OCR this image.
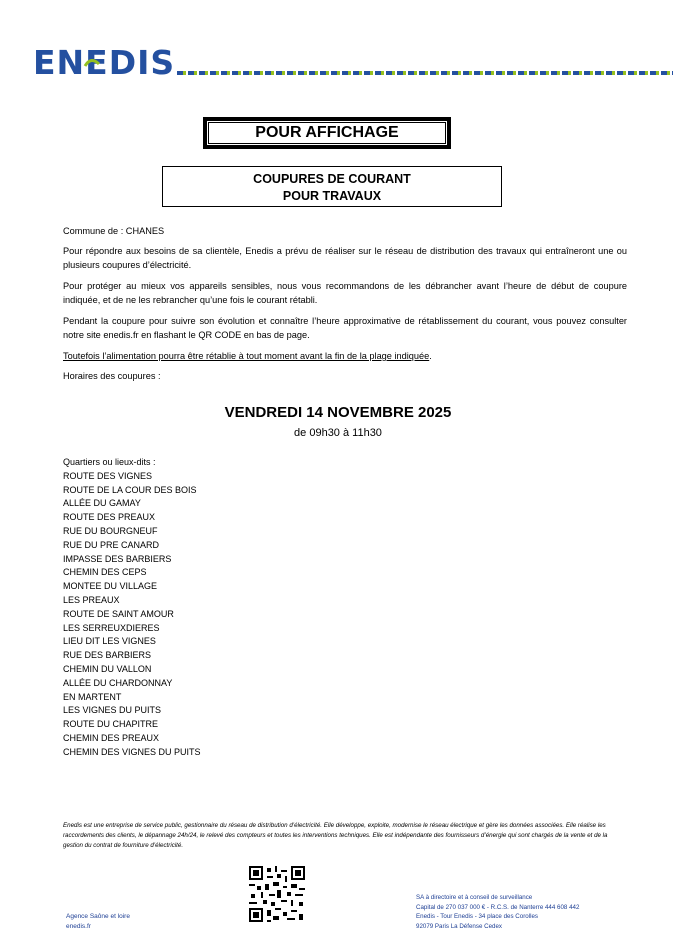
ENEDIS
POUR AFFICHAGE
COUPURES DE COURANT
POUR TRAVAUX
Commune de : CHANES
Pour répondre aux besoins de sa clientèle, Enedis a prévu de réaliser sur le réseau de distribution des travaux qui entraîneront une ou plusieurs coupures d’électricité.
Pour protéger au mieux vos appareils sensibles, nous vous recommandons de les débrancher avant l’heure de début de coupure indiquée, et de ne les rebrancher qu’une fois le courant rétabli.
Pendant la coupure pour suivre son évolution et connaître l’heure approximative de rétablissement du courant, vous pouvez consulter notre site enedis.fr en flashant le QR CODE en bas de page.
Toutefois l’alimentation pourra être rétablie à tout moment avant la fin de la plage indiquée.
Horaires des coupures :
VENDREDI 14 NOVEMBRE 2025
de 09h30 à 11h30
Quartiers ou lieux-dits :
ROUTE DES VIGNES
ROUTE DE LA COUR DES BOIS
ALLÉE DU GAMAY
ROUTE DES PREAUX
RUE DU BOURGNEUF
RUE DU PRE CANARD
IMPASSE DES BARBIERS
CHEMIN DES CEPS
MONTEE DU VILLAGE
LES PREAUX
ROUTE DE SAINT AMOUR
LES SERREUXDIERES
LIEU DIT LES VIGNES
RUE DES BARBIERS
CHEMIN DU VALLON
ALLÉE DU CHARDONNAY
EN MARTENT
LES VIGNES DU PUITS
ROUTE DU CHAPITRE
CHEMIN DES PREAUX
CHEMIN DES VIGNES DU PUITS
Enedis est une entreprise de service public, gestionnaire du réseau de distribution d’électricité. Elle développe, exploite, modernise le réseau électrique et gère les données associées. Elle réalise les raccordements des clients, le dépannage 24h/24, le relevé des compteurs et toutes les interventions techniques. Elle est indépendante des fournisseurs d’énergie qui sont chargés de la vente et de la gestion du contrat de fourniture d’électricité.
Agence Saône et loire
enedis.fr
SA à directoire et à conseil de surveillance
Capital de 270 037 000 € - R.C.S. de Nanterre 444 608 442
Enedis - Tour Enedis - 34 place des Corolles
92079 Paris La Défense Cedex
